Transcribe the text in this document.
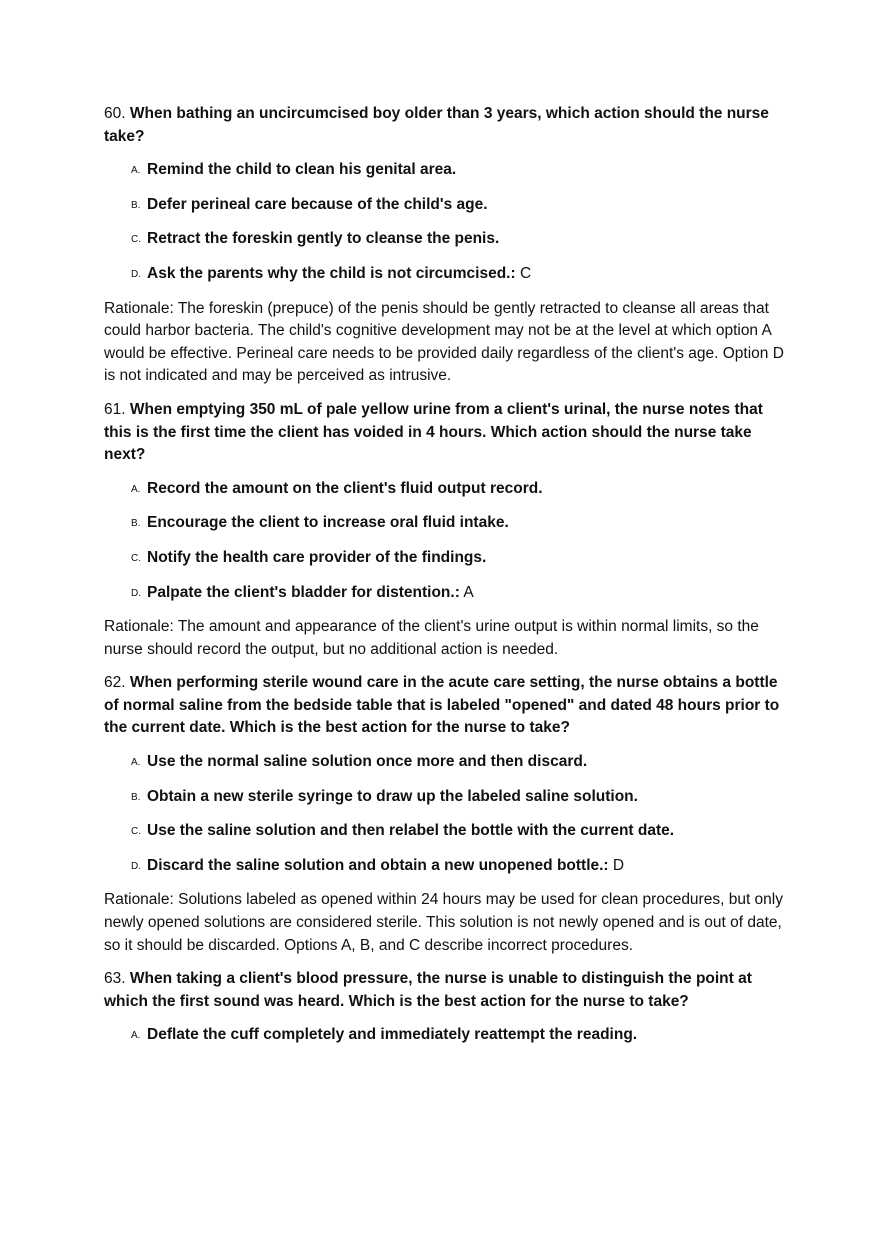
60. When bathing an uncircumcised boy older than 3 years, which action should the nurse take?

A. Remind the child to clean his genital area.
B. Defer perineal care because of the child's age.
C. Retract the foreskin gently to cleanse the penis.
D. Ask the parents why the child is not circumcised.: C

Rationale: The foreskin (prepuce) of the penis should be gently retracted to cleanse all areas that could harbor bacteria. The child's cognitive development may not be at the level at which option A would be effective. Perineal care needs to be provided daily regardless of the client's age. Option D is not indicated and may be perceived as intrusive.

61. When emptying 350 mL of pale yellow urine from a client's urinal, the nurse notes that this is the first time the client has voided in 4 hours. Which action should the nurse take next?

A. Record the amount on the client's fluid output record.
B. Encourage the client to increase oral fluid intake.
C. Notify the health care provider of the findings.
D. Palpate the client's bladder for distention.: A

Rationale: The amount and appearance of the client's urine output is within normal limits, so the nurse should record the output, but no additional action is needed.

62. When performing sterile wound care in the acute care setting, the nurse obtains a bottle of normal saline from the bedside table that is labeled "opened" and dated 48 hours prior to the current date. Which is the best action for the nurse to take?

A. Use the normal saline solution once more and then discard.
B. Obtain a new sterile syringe to draw up the labeled saline solution.
C. Use the saline solution and then relabel the bottle with the current date.
D. Discard the saline solution and obtain a new unopened bottle.: D

Rationale: Solutions labeled as opened within 24 hours may be used for clean procedures, but only newly opened solutions are considered sterile. This solution is not newly opened and is out of date, so it should be discarded. Options A, B, and C describe incorrect procedures.

63. When taking a client's blood pressure, the nurse is unable to distinguish the point at which the first sound was heard. Which is the best action for the nurse to take?

A. Deflate the cuff completely and immediately reattempt the reading.
